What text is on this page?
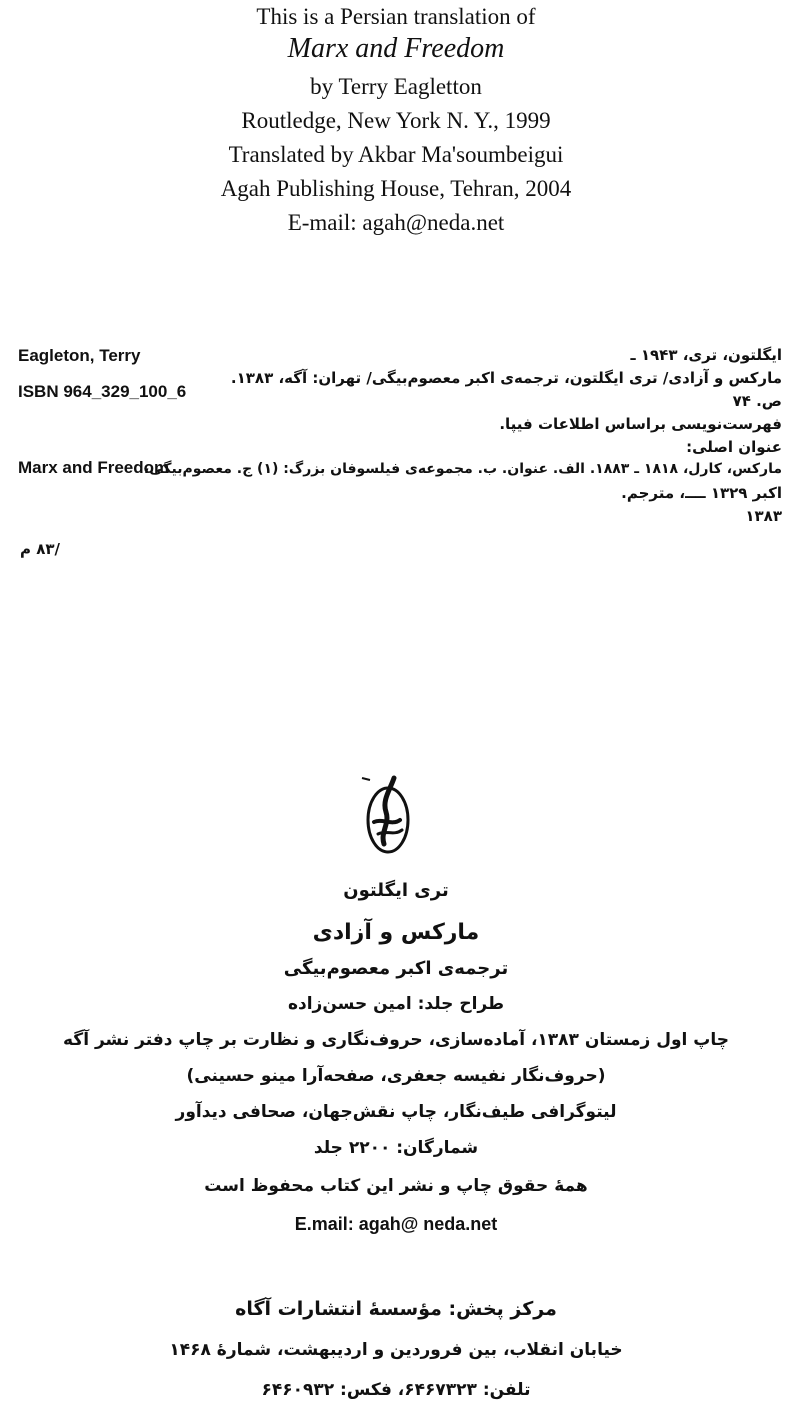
This is a Persian translation of
Marx and Freedom
by Terry Eagletton
Routledge, New York N. Y., 1999
Translated by Akbar Ma'soumbeigui
Agah Publishing House, Tehran, 2004
E-mail: agah@neda.net
Eagleton, Terry
ISBN 964_329_100_6
Marx and Freedom
ایگلتون، تری، ۱۹۴۳ ـ
مارکس و آزادی/ تری ایگلتون، ترجمه‌ی اکبر معصوم‌بیگی/ تهران: آگه، ۱۳۸۳.
ص. ۷۴
فهرست‌نویسی براساس اطلاعات فیپا.
عنوان اصلی:
مارکس، کارل، ۱۸۱۸ ـ ۱۸۸۳. الف. عنوان. ب. مجموعه‌ی فیلسوفان بزرگ: (۱) ج. معصوم‌بیگی،
اکبر ۱۳۲۹ ــــ، مترجم.
۱۳۸۳
/۸۳ م
تری ایگلتون
مارکس و آزادی
ترجمه‌ی اکبر معصوم‌بیگی
طراح جلد: امین حسن‌زاده
چاپ اول زمستان ۱۳۸۳، آماده‌سازی، حروف‌نگاری و نظارت بر چاپ دفتر نشر آگه
(حروف‌نگار نفیسه جعفری، صفحه‌آرا مینو حسینی)
لیتوگرافی طیف‌نگار، چاپ نقش‌جهان، صحافی دیدآور
شمارگان: ۲۲۰۰ جلد
همهٔ حقوق چاپ و نشر این کتاب محفوظ است
E.mail: agah@ neda.net
مرکز پخش: مؤسسهٔ انتشارات آگاه
خیابان انقلاب، بین فروردین و اردیبهشت، شمارهٔ ۱۴۶۸
تلفن: ۶۴۶۷۳۲۳، فکس: ۶۴۶۰۹۳۲
